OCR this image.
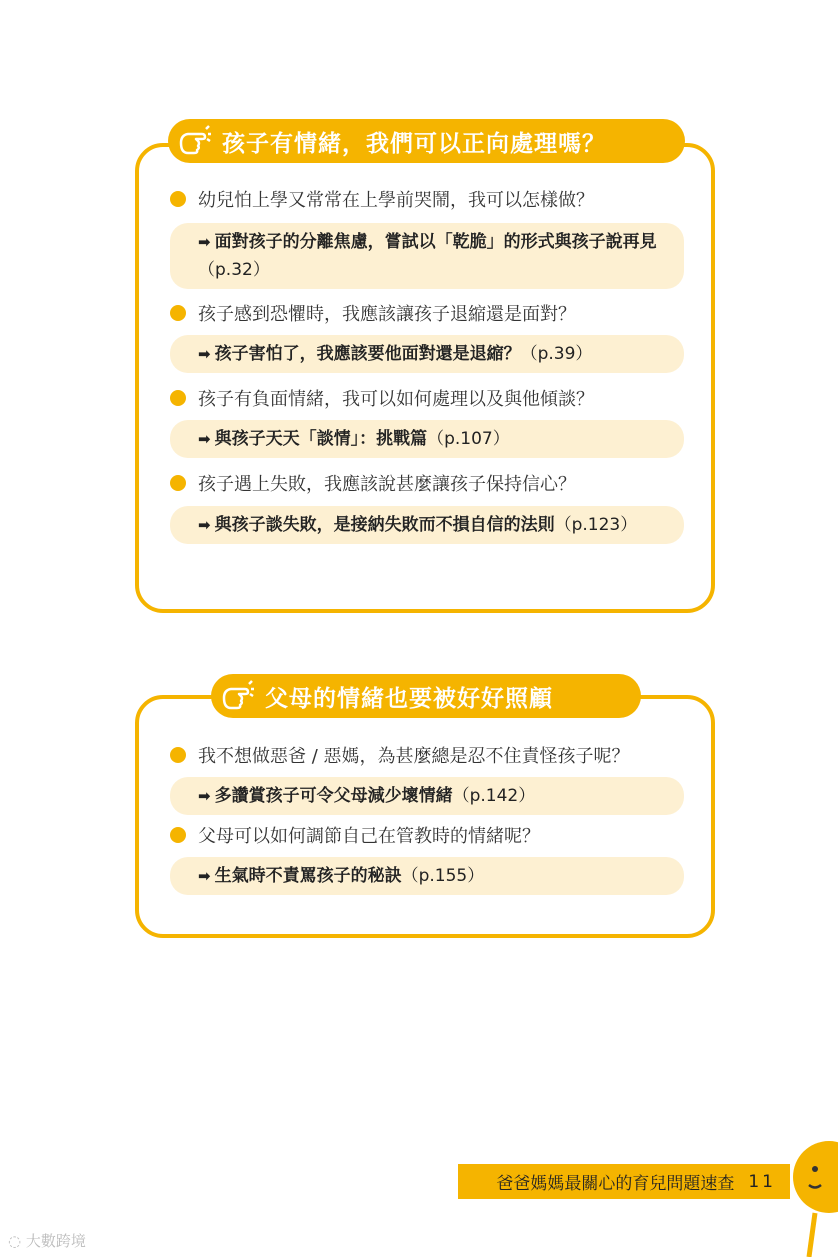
孩子有情緒，我們可以正向處理嗎？
幼兒怕上學又常常在上學前哭鬧，我可以怎樣做？
➡ 面對孩子的分離焦慮，嘗試以「乾脆」的形式與孩子說再見（p.32）
孩子感到恐懼時，我應該讓孩子退縮還是面對？
➡ 孩子害怕了，我應該要他面對還是退縮？（p.39）
孩子有負面情緒，我可以如何處理以及與他傾談？
➡ 與孩子天天「談情」：挑戰篇（p.107）
孩子遇上失敗，我應該說甚麼讓孩子保持信心？
➡ 與孩子談失敗，是接納失敗而不損自信的法則（p.123）
父母的情緒也要被好好照顧
我不想做惡爸 / 惡媽，為甚麼總是忍不住責怪孩子呢？
➡ 多讚賞孩子可令父母減少壞情緒（p.142）
父母可以如何調節自己在管教時的情緒呢？
➡ 生氣時不責罵孩子的秘訣（p.155）
爸爸媽媽最關心的育兒問題速查 11
◌ 大數跨境
